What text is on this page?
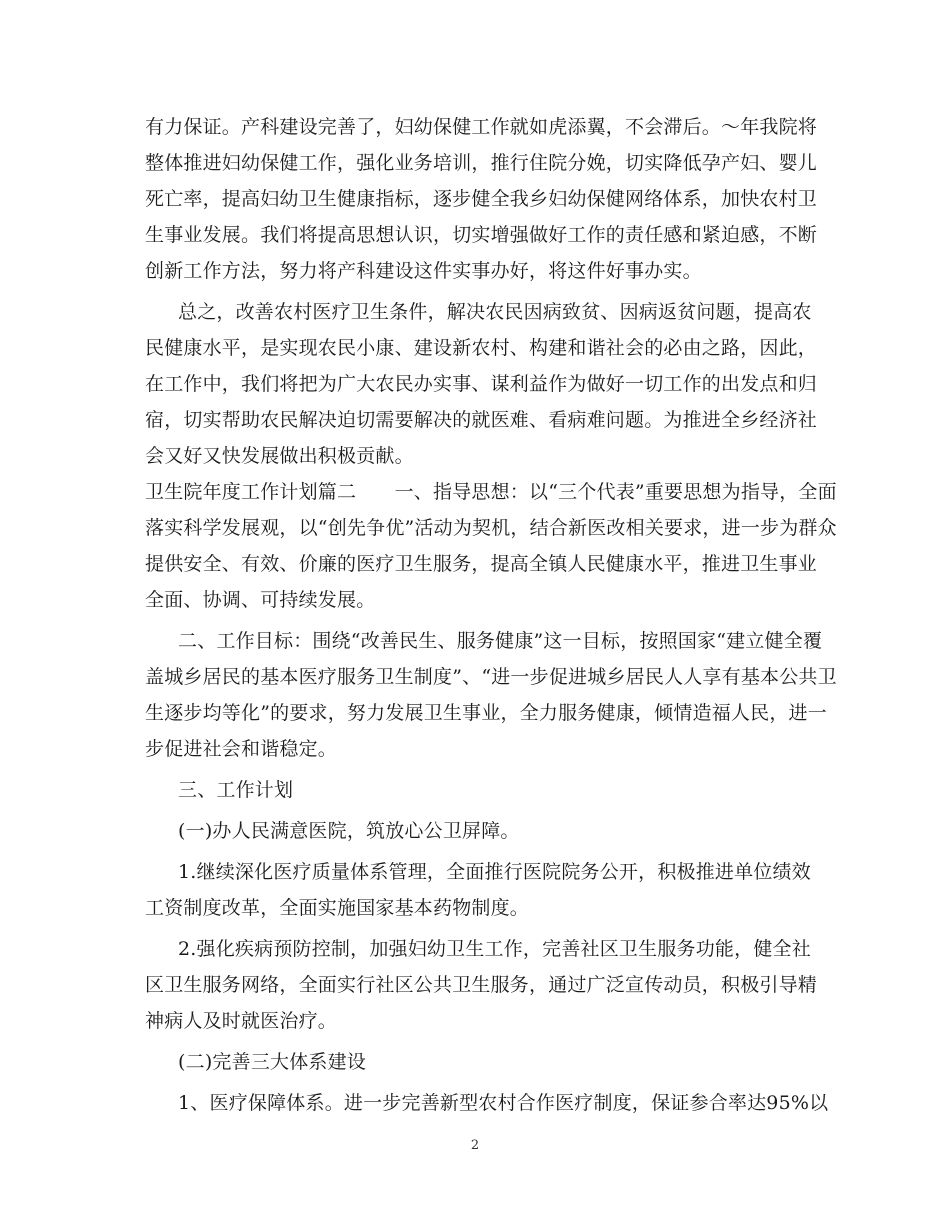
有力保证。产科建设完善了，妇幼保健工作就如虎添翼，不会滞后。～年我院将
整体推进妇幼保健工作，强化业务培训，推行住院分娩，切实降低孕产妇、婴儿
死亡率，提高妇幼卫生健康指标，逐步健全我乡妇幼保健网络体系，加快农村卫
生事业发展。我们将提高思想认识，切实增强做好工作的责任感和紧迫感，不断
创新工作方法，努力将产科建设这件实事办好，将这件好事办实。
总之，改善农村医疗卫生条件，解决农民因病致贫、因病返贫问题，提高农
民健康水平，是实现农民小康、建设新农村、构建和谐社会的必由之路，因此，
在工作中，我们将把为广大农民办实事、谋利益作为做好一切工作的出发点和归
宿，切实帮助农民解决迫切需要解决的就医难、看病难问题。为推进全乡经济社
会又好又快发展做出积极贡献。
卫生院年度工作计划篇二　　一、指导思想：以“三个代表”重要思想为指导，全面
落实科学发展观，以“创先争优”活动为契机，结合新医改相关要求，进一步为群众
提供安全、有效、价廉的医疗卫生服务，提高全镇人民健康水平，推进卫生事业
全面、协调、可持续发展。
二、工作目标：围绕“改善民生、服务健康”这一目标，按照国家“建立健全覆
盖城乡居民的基本医疗服务卫生制度”、“进一步促进城乡居民人人享有基本公共卫
生逐步均等化”的要求，努力发展卫生事业，全力服务健康，倾情造福人民，进一
步促进社会和谐稳定。
三、工作计划
(一)办人民满意医院，筑放心公卫屏障。
1.继续深化医疗质量体系管理，全面推行医院院务公开，积极推进单位绩效
工资制度改革，全面实施国家基本药物制度。
2.强化疾病预防控制，加强妇幼卫生工作，完善社区卫生服务功能，健全社
区卫生服务网络，全面实行社区公共卫生服务，通过广泛宣传动员，积极引导精
神病人及时就医治疗。
(二)完善三大体系建设
1、医疗保障体系。进一步完善新型农村合作医疗制度，保证参合率达95%以
2
